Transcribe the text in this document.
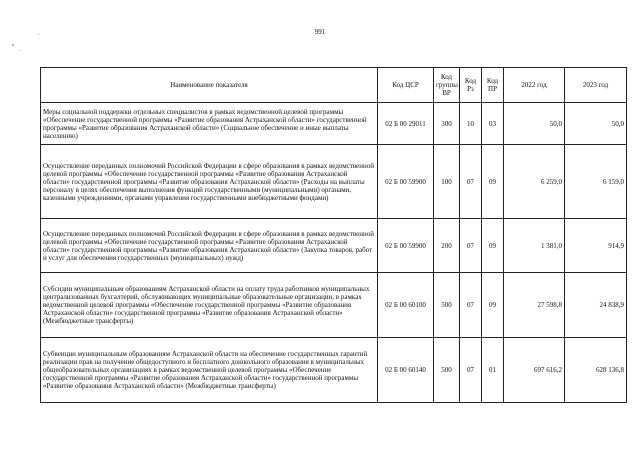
991
Наименование показателя	Код ЦСР	Код группы ВР	Код Рз	Код ПР	2022 год	2023 год
Меры социальной поддержки отдельных специалистов в рамках ведомственной целевой программы «Обеспечение государственной программы «Развитие образования Астраханской области» государственной программы «Развитие образования Астраханской области» (Социальное обеспечение и иные выплаты населению)	02 Б 00 29011	300	10	03	50,0	50,0
Осуществление переданных полномочий Российской Федерации в сфере образования в рамках ведомственной целевой программы «Обеспечение государственной программы «Развитие образования Астраханской области» государственной программы «Развитие образования Астраханской области» (Расходы на выплаты персоналу в целях обеспечения выполнения функций государственными (муниципальными) органами, казенными учреждениями, органами управления государственными внебюджетными фондами)	02 Б 00 59900	100	07	09	6 259,0	6 159,0
Осуществление переданных полномочий Российской Федерации в сфере образования в рамках ведомственной целевой программы «Обеспечение государственной программы «Развитие образования Астраханской области» государственной программы «Развитие образования Астраханской области» (Закупка товаров, работ и услуг для обеспечения государственных (муниципальных) нужд)	02 Б 00 59900	200	07	09	1 381,0	914,9
Субсидии муниципальным образованиям Астраханской области на оплату труда работников муниципальных централизованных бухгалтерий, обслуживающих муниципальные образовательные организации, в рамках ведомственной целевой программы «Обеспечение государственной программы «Развитие образования Астраханской области» государственной программы «Развитие образования Астраханской области» (Межбюджетные трансферты)	02 Б 00 60100	500	07	09	27 598,8	24 838,9
Субвенции муниципальным образованиям Астраханской области на обеспечение государственных гарантий реализации прав на получение общедоступного и бесплатного дошкольного образования в муниципальных общеобразовательных организациях в рамках ведомственной целевой программы «Обеспечение государственной программы «Развитие образования Астраханской области» государственной программы «Развитие образования Астраханской области» (Межбюджетные трансферты)	02 Б 00 60140	500	07	01	697 616,2	628 136,8
